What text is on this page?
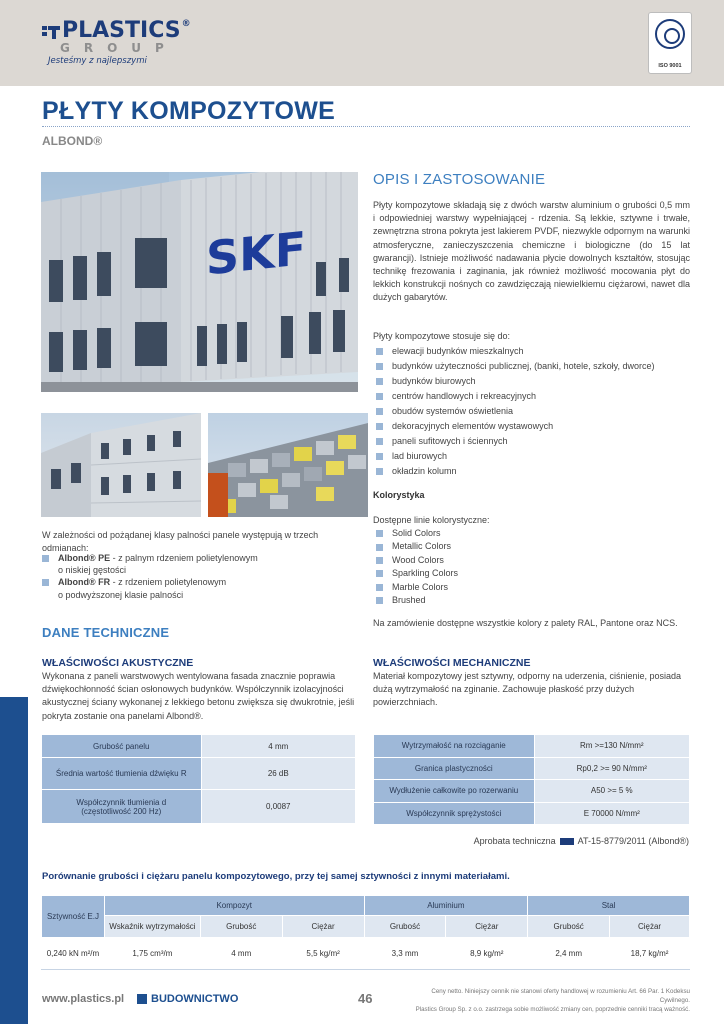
PLASTICS ®
GROUP
Jesteśmy z najlepszymi	ISO 9001
PŁYTY KOMPOZYTOWE
ALBOND®
SKF
OPIS I ZASTOSOWANIE
Płyty kompozytowe składają się z dwóch warstw aluminium o grubości 0,5 mm i odpowiedniej warstwy wypełniającej - rdzenia. Są lekkie, sztywne i trwałe, zewnętrzna strona pokryta jest lakierem PVDF, niezwykle odpornym na warunki atmosferyczne, zanieczyszczenia chemiczne i biologiczne (do 15 lat gwarancji). Istnieje możliwość nadawania płycie dowolnych kształtów, stosując technikę frezowania i zaginania, jak również możliwość mocowania płyt do lekkich konstrukcji nośnych co zawdzięczają niewielkiemu ciężarowi, nawet dla dużych gabarytów.
Płyty kompozytowe stosuje się do:
elewacji budynków mieszkalnych
budynków użyteczności publicznej, (banki, hotele, szkoły, dworce)
budynków biurowych
centrów handlowych i rekreacyjnych
obudów systemów oświetlenia
dekoracyjnych elementów wystawowych
paneli sufitowych i ściennych
lad biurowych
okładzin kolumn
Kolorystyka
Dostępne linie kolorystyczne:
Solid Colors
Metallic Colors
Wood Colors
Sparkling Colors
Marble Colors
Brushed
Na zamówienie dostępne wszystkie kolory z palety RAL, Pantone oraz NCS.
W zależności od pożądanej klasy palności panele występują w trzech odmianach:
Albond® PE - z palnym rdzeniem polietylenowym
o niskiej gęstości
Albond® FR - z rdzeniem polietylenowym
o podwyższonej klasie palności
DANE TECHNICZNE
WŁAŚCIWOŚCI AKUSTYCZNE
Wykonana z paneli warstwowych wentylowana fasada znacznie poprawia dźwiękochłonność ścian osłonowych budynków. Współczynnik izolacyjności akustycznej ściany wykonanej z lekkiego betonu zwiększa się dwukrotnie, jeśli pokryta zostanie ona panelami Albond®.
WŁAŚCIWOŚCI MECHANICZNE
Materiał kompozytowy jest sztywny, odporny na uderzenia, ciśnienie, posiada dużą wytrzymałość na zginanie. Zachowuje płaskość przy dużych powierzchniach.
Grubość panelu	4 mm
Średnia wartość tłumienia dźwięku R	26 dB
Współczynnik tłumienia d
(częstotliwość 200 Hz)	0,0087
Wytrzymałość na rozciąganie	Rm >=130 N/mm²
Granica plastyczności	Rp0,2 >= 90 N/mm²
Wydłużenie całkowite po rozerwaniu	A50 >= 5 %
Współczynnik sprężystości	E 70000 N/mm²
Aprobata techniczna AT-15-8779/2011 (Albond®)
Porównanie grubości i ciężaru panelu kompozytowego, przy tej samej sztywności z innymi materiałami.
Sztywność E.J	Kompozyt			Aluminium		Stal	
	Wskaźnik wytrzymałości	Grubość	Ciężar	Grubość	Ciężar	Grubość	Ciężar
0,240 kN m²/m	1,75 cm³/m	4 mm	5,5 kg/m²	3,3 mm	8,9 kg/m²	2,4 mm	18,7 kg/m²
www.plastics.pl BUDOWNICTWO	46	Ceny netto. Niniejszy cennik nie stanowi oferty handlowej w rozumieniu Art. 66 Par. 1 Kodeksu Cywilnego.
Plastics Group Sp. z o.o. zastrzega sobie możliwość zmiany cen, poprzednie cenniki tracą ważność.
